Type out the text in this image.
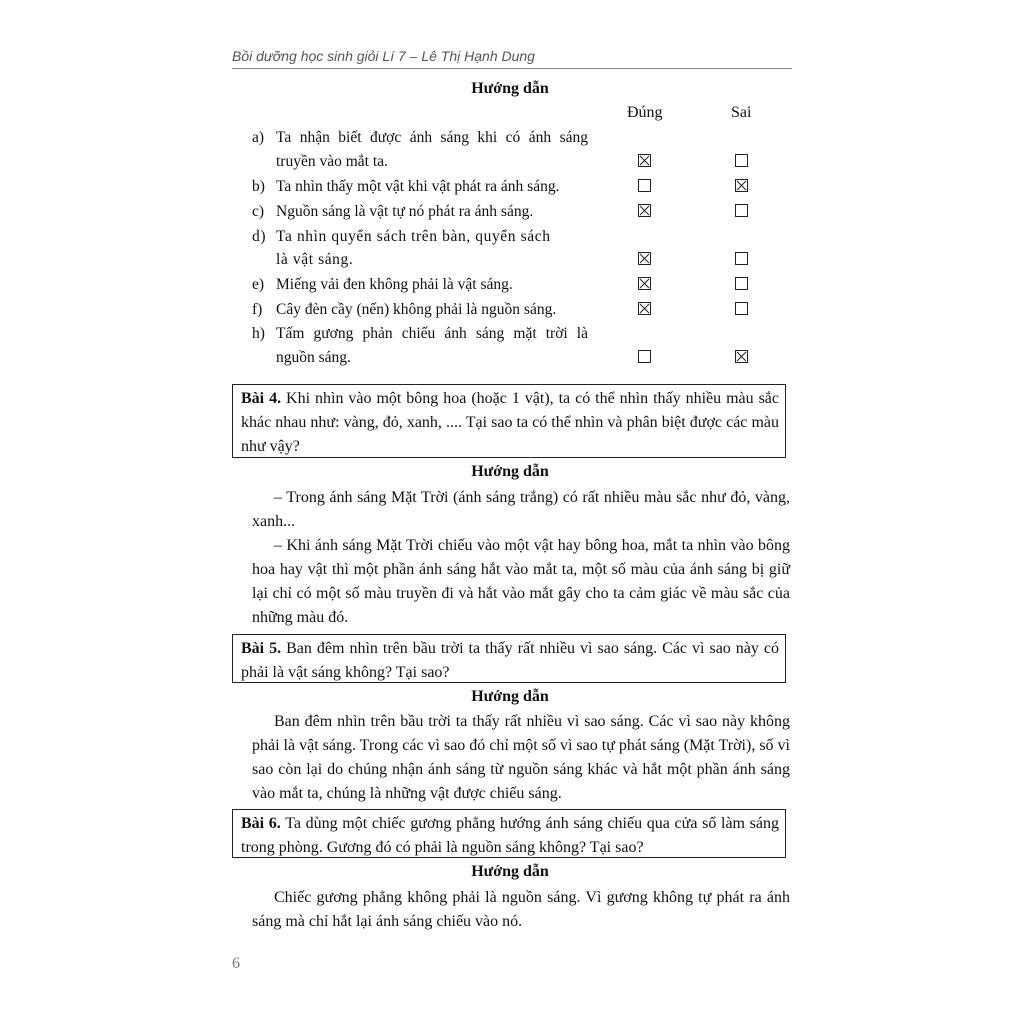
Bồi dưỡng học sinh giỏi Lí 7 – Lê Thị Hạnh Dung
Hướng dẫn
Đúng	Sai
a) Ta nhận biết được ánh sáng khi có ánh sáng
truyền vào mắt ta.
b) Ta nhìn thấy một vật khi vật phát ra ánh sáng.
c) Nguồn sáng là vật tự nó phát ra ánh sáng.
d) Ta nhìn quyển sách trên bàn, quyển sách
là vật sáng.
e) Miếng vải đen không phải là vật sáng.
f) Cây đèn cầy (nến) không phải là nguồn sáng.
h) Tấm gương phản chiếu ánh sáng mặt trời là
nguồn sáng.
Bài 4. Khi nhìn vào một bông hoa (hoặc 1 vật), ta có thể nhìn thấy nhiều màu sắc khác nhau như: vàng, đỏ, xanh, .... Tại sao ta có thể nhìn và phân biệt được các màu như vậy?
Hướng dẫn
– Trong ánh sáng Mặt Trời (ánh sáng trắng) có rất nhiều màu sắc như đỏ, vàng, xanh...
– Khi ánh sáng Mặt Trời chiếu vào một vật hay bông hoa, mắt ta nhìn vào bông hoa hay vật thì một phần ánh sáng hắt vào mắt ta, một số màu của ánh sáng bị giữ lại chỉ có một số màu truyền đi và hắt vào mắt gây cho ta cảm giác về màu sắc của những màu đó.
Bài 5. Ban đêm nhìn trên bầu trời ta thấy rất nhiều vì sao sáng. Các vì sao này có phải là vật sáng không? Tại sao?
Hướng dẫn
Ban đêm nhìn trên bầu trời ta thấy rất nhiều vì sao sáng. Các vì sao này không phải là vật sáng. Trong các vì sao đó chỉ một số vì sao tự phát sáng (Mặt Trời), số vì sao còn lại do chúng nhận ánh sáng từ nguồn sáng khác và hắt một phần ánh sáng vào mắt ta, chúng là những vật được chiếu sáng.
Bài 6. Ta dùng một chiếc gương phẳng hướng ánh sáng chiếu qua cửa sổ làm sáng trong phòng. Gương đó có phải là nguồn sáng không? Tại sao?
Hướng dẫn
Chiếc gương phẳng không phải là nguồn sáng. Vì gương không tự phát ra ánh sáng mà chỉ hắt lại ánh sáng chiếu vào nó.
6
